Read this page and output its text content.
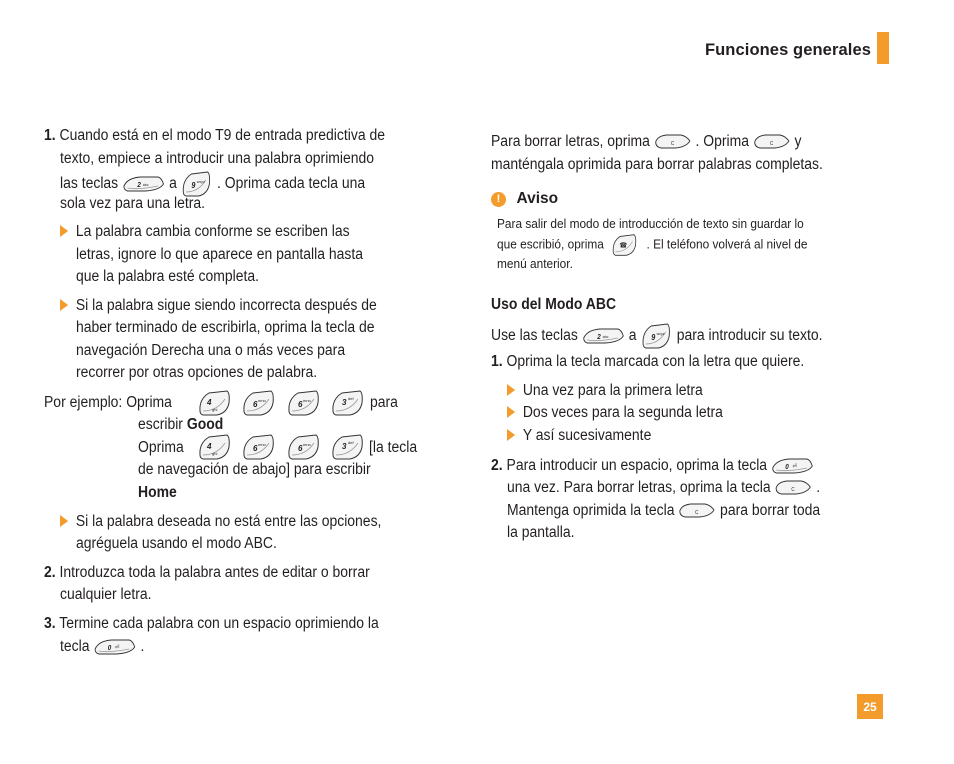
Funciones generales
1. Cuando está en el modo T9 de entrada predictiva de
texto, empiece a introducir una palabra oprimiendo
las teclas	2 abc a 9 wxyz . Oprima cada tecla una
sola vez para una letra.
La palabra cambia conforme se escriben las
letras, ignore lo que aparece en pantalla hasta
que la palabra esté completa.
Si la palabra sigue siendo incorrecta después de
haber terminado de escribirla, oprima la tecla de
navegación Derecha una o más veces para
recorrer por otras opciones de palabra.
Por ejemplo: Oprima	4
ghi

6 mno
	6 mno
	3 def para
escribir Good
Oprima	4
ghi

6 mno
	6 mno
	3 def [la tecla
de navegación de abajo] para escribir
Home
Si la palabra deseada no está entre las opciones,
agréguela usando el modo ABC.
2. Introduzca toda la palabra antes de editar o borrar
cualquier letra.
3. Termine cada palabra con un espacio oprimiendo la
tecla	0 ⏎ .
Para borrar letras, oprima	C . Oprima	C y
manténgala oprimida para borrar palabras completas.
! Aviso
Para salir del modo de introducción de texto sin guardar lo
que escribió, oprima ☎ . El teléfono volverá al nivel de
menú anterior.
Uso del Modo ABC
Use las teclas	2 abc a 9 wxyz para introducir su texto.
1. Oprima la tecla marcada con la letra que quiere.
Una vez para la primera letra
Dos veces para la segunda letra
Y así sucesivamente
2. Para introducir un espacio, oprima la tecla	0 ⏎
una vez. Para borrar letras, oprima la tecla	C .
Mantenga oprimida la tecla	C para borrar toda
la pantalla.
25
